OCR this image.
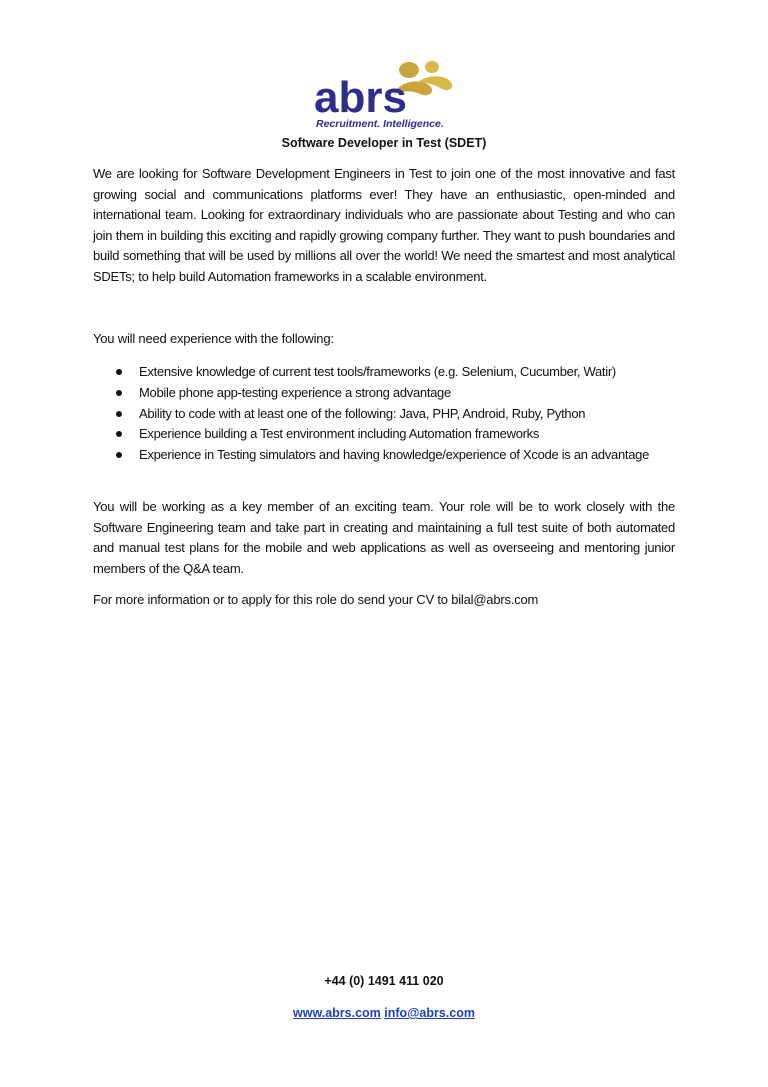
abrs
Recruitment. Intelligence.
Software Developer in Test (SDET)
We are looking for Software Development Engineers in Test to join one of the most innovative and fast growing social and communications platforms ever! They have an enthusiastic, open-minded and international team. Looking for extraordinary individuals who are passionate about Testing and who can join them in building this exciting and rapidly growing company further. They want to push boundaries and build something that will be used by millions all over the world! We need the smartest and most analytical SDETs; to help build Automation frameworks in a scalable environment.
You will need experience with the following:
Extensive knowledge of current test tools/frameworks (e.g. Selenium, Cucumber, Watir)
Mobile phone app-testing experience a strong advantage
Ability to code with at least one of the following: Java, PHP, Android, Ruby, Python
Experience building a Test environment including Automation frameworks
Experience in Testing simulators and having knowledge/experience of Xcode is an advantage
You will be working as a key member of an exciting team. Your role will be to work closely with the Software Engineering team and take part in creating and maintaining a full test suite of both automated and manual test plans for the mobile and web applications as well as overseeing and mentoring junior members of the Q&A team.
For more information or to apply for this role do send your CV to bilal@abrs.com
+44 (0) 1491 411 020
www.abrs.com info@abrs.com
